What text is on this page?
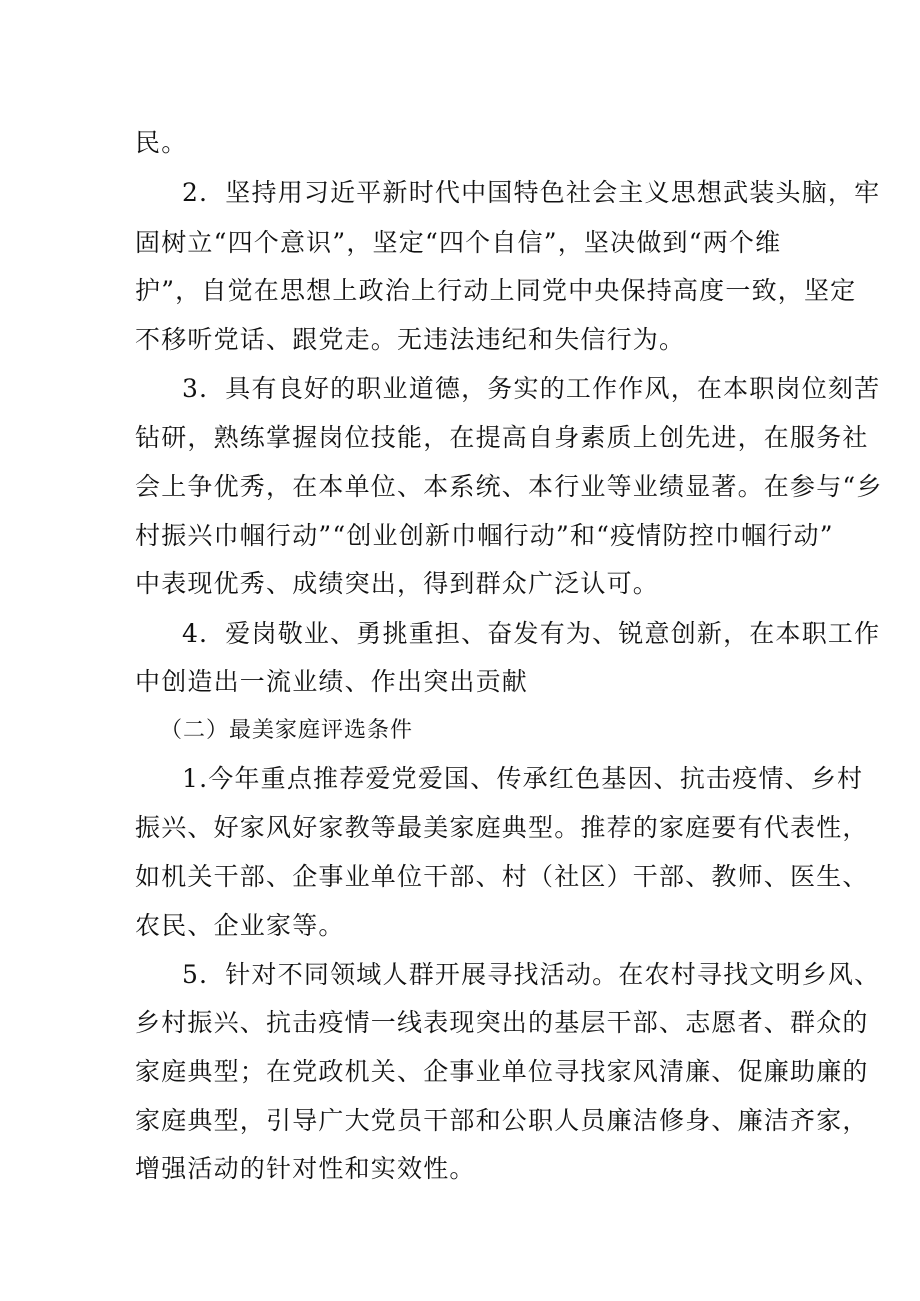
民。
2．坚持用习近平新时代中国特色社会主义思想武装头脑，牢
固树立“四个意识”，坚定“四个自信”，坚决做到“两个维
护”，自觉在思想上政治上行动上同党中央保持高度一致，坚定
不移听党话、跟党走。无违法违纪和失信行为。
3．具有良好的职业道德，务实的工作作风，在本职岗位刻苦
钻研，熟练掌握岗位技能，在提高自身素质上创先进，在服务社
会上争优秀，在本单位、本系统、本行业等业绩显著。在参与“乡
村振兴巾帼行动”“创业创新巾帼行动”和“疫情防控巾帼行动”
中表现优秀、成绩突出，得到群众广泛认可。
4．爱岗敬业、勇挑重担、奋发有为、锐意创新，在本职工作
中创造出一流业绩、作出突出贡献
（二）最美家庭评选条件
1.今年重点推荐爱党爱国、传承红色基因、抗击疫情、乡村
振兴、好家风好家教等最美家庭典型。推荐的家庭要有代表性，
如机关干部、企事业单位干部、村（社区）干部、教师、医生、
农民、企业家等。
5．针对不同领域人群开展寻找活动。在农村寻找文明乡风、
乡村振兴、抗击疫情一线表现突出的基层干部、志愿者、群众的
家庭典型；在党政机关、企事业单位寻找家风清廉、促廉助廉的
家庭典型，引导广大党员干部和公职人员廉洁修身、廉洁齐家，
增强活动的针对性和实效性。
